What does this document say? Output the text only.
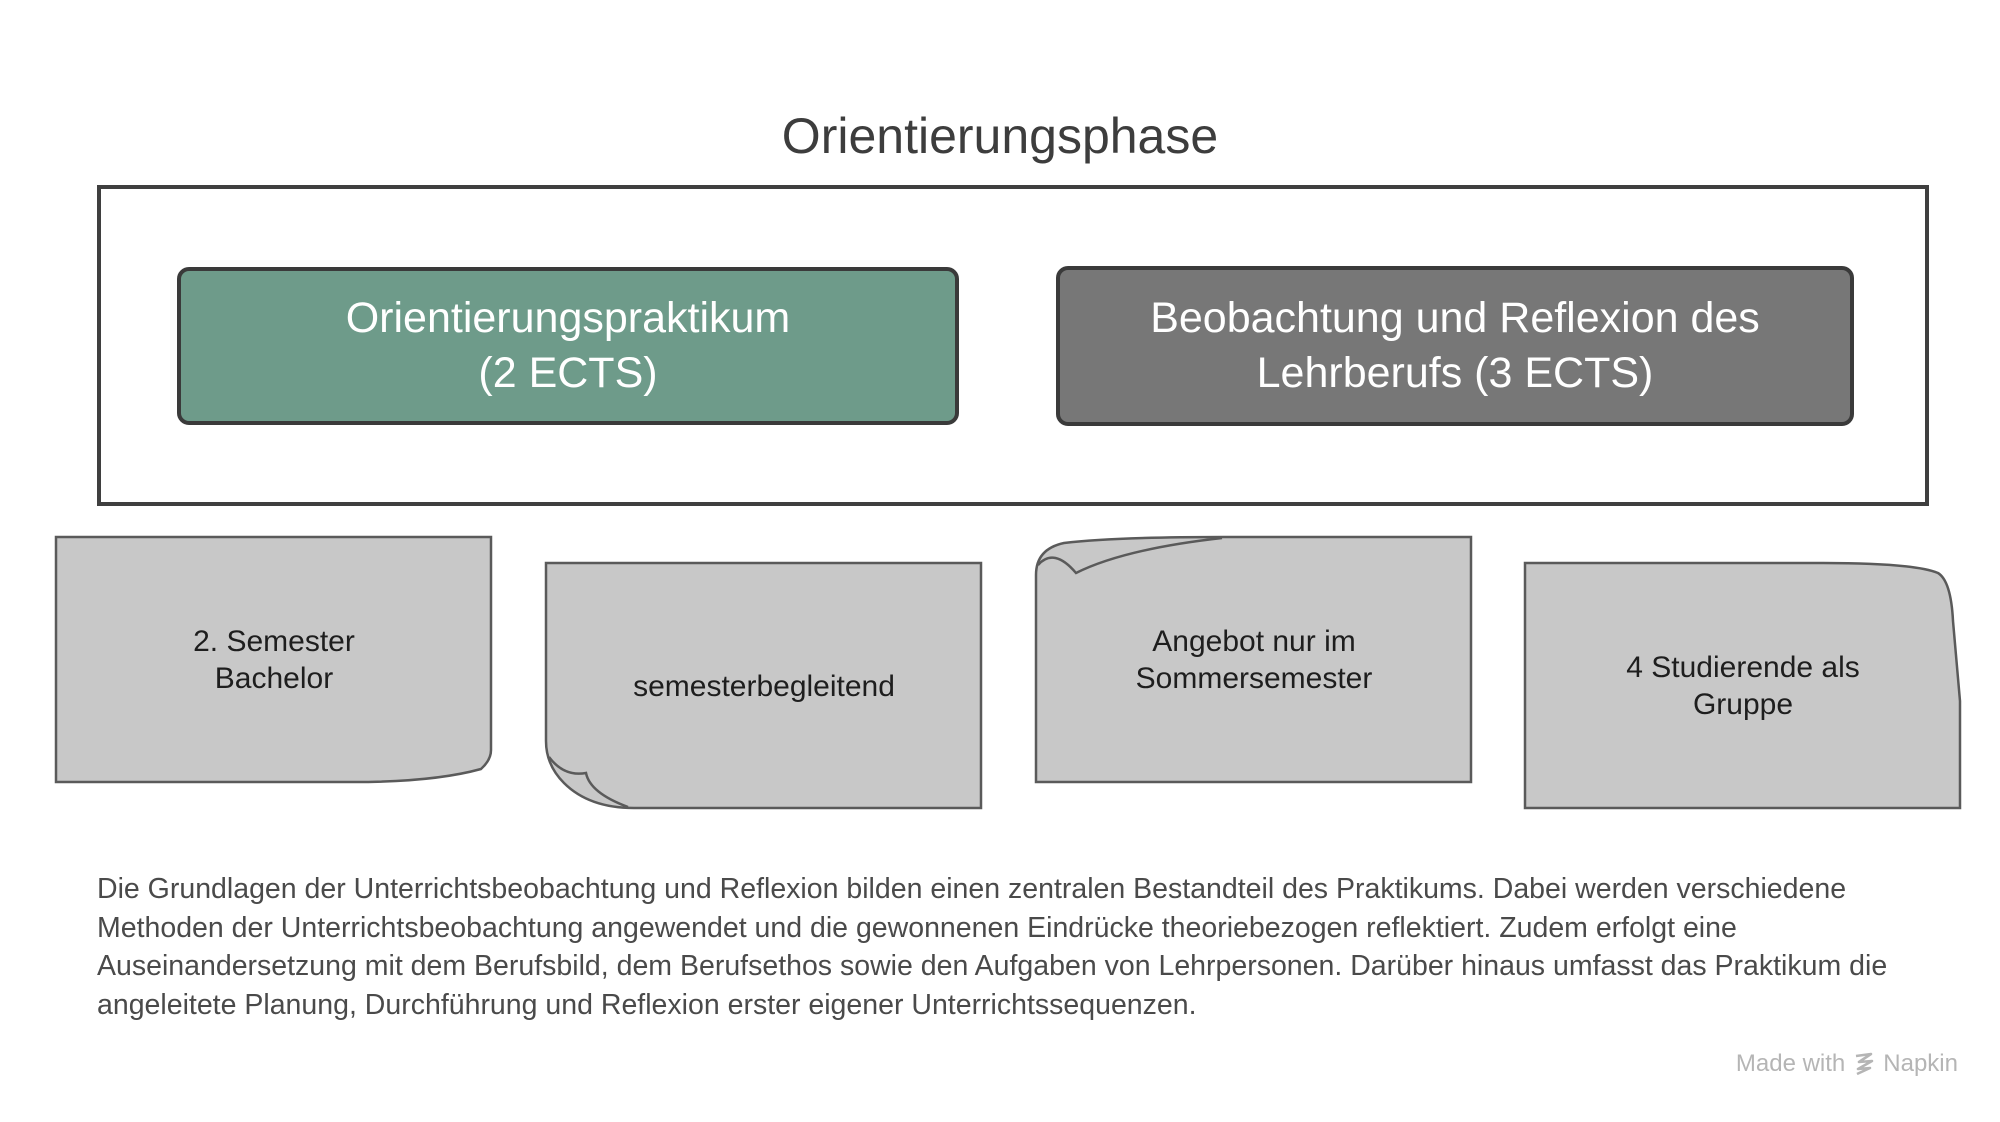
Orientierungsphase
Orientierungspraktikum
(2 ECTS)
Beobachtung und Reflexion des
Lehrberufs (3 ECTS)
2. Semester
Bachelor	semesterbegleitend
Angebot nur im
Sommersemester	4 Studierende als
Gruppe
Die Grundlagen der Unterrichtsbeobachtung und Reflexion bilden einen zentralen Bestandteil des Praktikums. Dabei werden verschiedene Methoden der Unterrichtsbeobachtung angewendet und die gewonnenen Eindrücke theoriebezogen reflektiert. Zudem erfolgt eine Auseinandersetzung mit dem Berufsbild, dem Berufsethos sowie den Aufgaben von Lehrpersonen. Darüber hinaus umfasst das Praktikum die angeleitete Planung, Durchführung und Reflexion erster eigener Unterrichtssequenzen.
Made with Napkin
